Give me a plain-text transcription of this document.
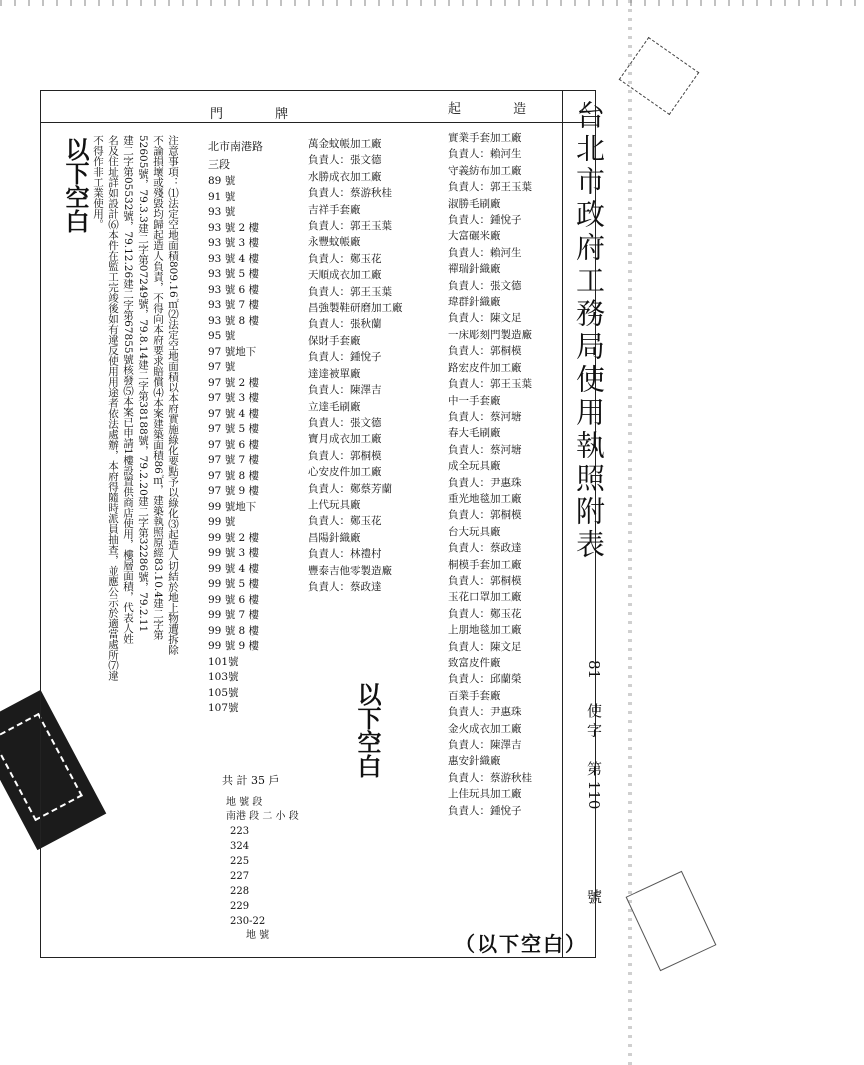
門 牌	起 造 人
台北市政府工務局使用執照附表
81  使 字  第 110  號
北市南港路
三段
89 號
91 號
93 號
93 號 2 樓
93 號 3 樓
93 號 4 樓
93 號 5 樓
93 號 6 樓
93 號 7 樓
93 號 8 樓
95 號
97 號地下
97 號
97 號 2 樓
97 號 3 樓
97 號 4 樓
97 號 5 樓
97 號 6 樓
97 號 7 樓
97 號 8 樓
97 號 9 樓
99 號地下
99 號
99 號 2 樓
99 號 3 樓
99 號 4 樓
99 號 5 樓
99 號 6 樓
99 號 7 樓
99 號 8 樓
99 號 9 樓
101號
103號
105號
107號
共 計 35 戶
地 號 段
南港 段 二 小 段
223
324
225
227
228
229
230-22
地 號
萬金蚊帳加工廠
負責人：張文德
水勝成衣加工廠
負責人：蔡游秋桂
吉祥手套廠
負責人：郭王玉葉
永豐蚊帳廠
負責人：鄭玉花
天順成衣加工廠
負責人：郭王玉葉
昌強製鞋研磨加工廠
負責人：張秋蘭
保財手套廠
負責人：鍾悅子
達達被單廠
負責人：陳澤吉
立達毛刷廠
負責人：張文德
寶月成衣加工廠
負責人：郭桐模
心安皮件加工廠
負責人：鄭蔡芳蘭
上代玩具廠
負責人：鄭玉花
昌陽針織廠
負責人：林禮村
豐泰吉他零製造廠
負責人：蔡政達
實業手套加工廠
負責人：賴河生
守義紡布加工廠
負責人：郭王玉葉
淑勝毛刷廠
負責人：鍾悅子
大富碾米廠
負責人：賴河生
禪瑞針織廠
負責人：張文德
瑋群針織廠
負責人：陳文足
一床彫刻門製造廠
負責人：郭桐模
路宏皮件加工廠
負責人：郭王玉葉
中一手套廠
負責人：蔡河塘
春大毛刷廠
負責人：蔡河塘
成全玩具廠
負責人：尹惠珠
重光地毯加工廠
負責人：郭桐模
台大玩具廠
負責人：蔡政達
桐模手套加工廠
負責人：郭桐模
玉花口罩加工廠
負責人：鄭玉花
上朋地毯加工廠
負責人：陳文足
致富皮件廠
負責人：邱蘭榮
百業手套廠
負責人：尹惠珠
金火成衣加工廠
負責人：陳澤吉
惠安針織廠
負責人：蔡游秋桂
上佳玩具加工廠
負責人：鍾悅子
注意事項：⑴法定空地面積809.16㎡⑵法定空地面積以本府實施綠化要點予以綠化⑶起造人切結於地上物遭拆除
不論損壞或殘毀均歸起造人負責，不得向本府要求賠償⑷本案建築面積86㎡，建築執照原經83.10.4建二字第
52605號，79.3.3建二字第07249號，79.8.14建二字第38188號，79.2.20建二字第32286號，79.2.11
建二字第05532號，79.12.26建二字第67855號核發⑸本案已申請1樓設置供商店使用，樓層面積，代表人姓
名及住址詳如設計⑹本件在監工完竣後如有違反使用用途者依法處辦，本府得隨時派員抽查，並應公示於適當處所⑺違
不得作非工業使用。
以下空白
以下空白
（以下空白）
